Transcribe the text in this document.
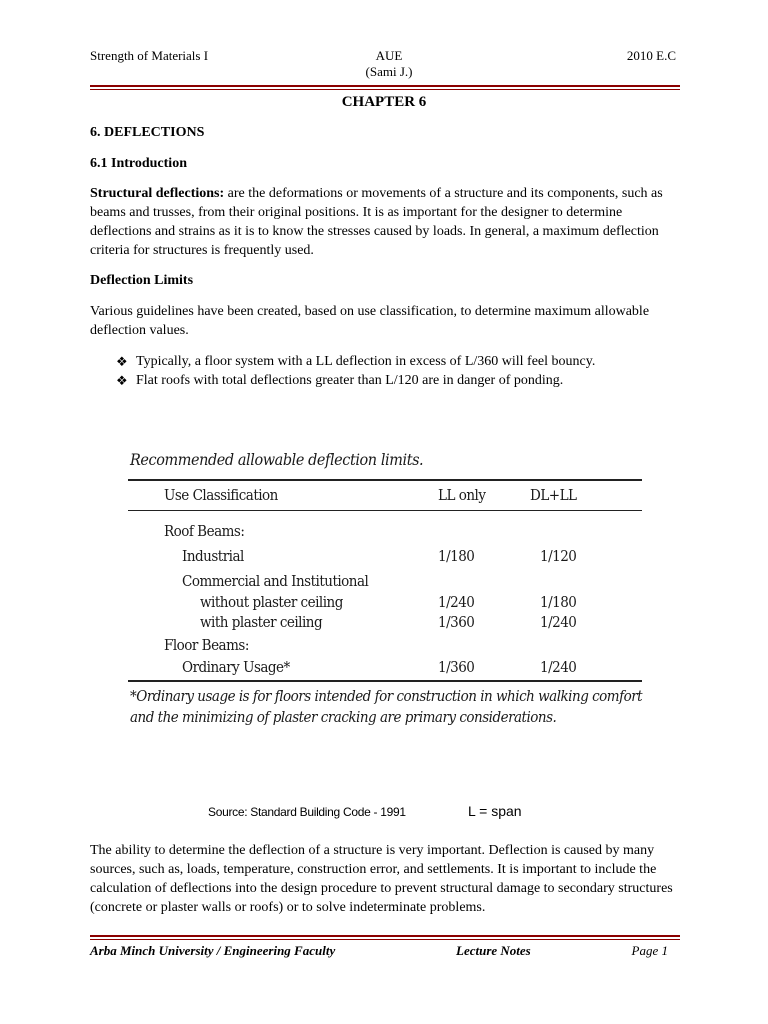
Strength of Materials I	AUE
(Sami J.)
2010 E.C
CHAPTER 6
6. DEFLECTIONS
6.1 Introduction
Structural deflections: are the deformations or movements of a structure and its components, such as beams and trusses, from their original positions. It is as important for the designer to determine deflections and strains as it is to know the stresses caused by loads. In general, a maximum deflection criteria for structures is frequently used.
Deflection Limits
Various guidelines have been created, based on use classification, to determine maximum allowable deflection values.
❖ Typically, a floor system with a LL deflection in excess of L/360 will feel bouncy.
❖ Flat roofs with total deflections greater than L/120 are in danger of ponding.
Recommended allowable deflection limits.
Use Classification	LL only	DL+LL
Roof Beams:
Industrial	1/180	1/120
Commercial and Institutional
without plaster ceiling	1/240	1/180
with plaster ceiling	1/360	1/240
Floor Beams:
Ordinary Usage*	1/360	1/240
*Ordinary usage is for floors intended for construction in which walking comfort and the minimizing of plaster cracking are primary considerations.
Source: Standard Building Code - 1991	L = span
The ability to determine the deflection of a structure is very important. Deflection is caused by many sources, such as, loads, temperature, construction error, and settlements. It is important to include the calculation of deflections into the design procedure to prevent structural damage to secondary structures (concrete or plaster walls or roofs) or to solve indeterminate problems.
Arba Minch University / Engineering Faculty	Lecture Notes	Page 1
